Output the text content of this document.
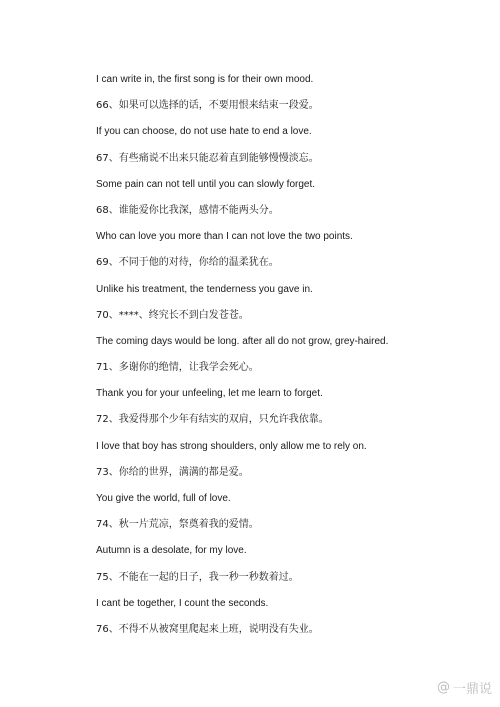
I can write in, the first song is for their own mood.
66、如果可以选择的话，不要用恨来结束一段爱。
If you can choose, do not use hate to end a love.
67、有些痛说不出来只能忍着直到能够慢慢淡忘。
Some pain can not tell until you can slowly forget.
68、谁能爱你比我深，感情不能两头分。
Who can love you more than I can not love the two points.
69、不同于他的对待，你给的温柔犹在。
Unlike his treatment, the tenderness you gave in.
70、****、终究长不到白发苍苍。
The coming days would be long. after all do not grow, grey-haired.
71、多谢你的绝情，让我学会死心。
Thank you for your unfeeling, let me learn to forget.
72、我爱得那个少年有结实的双肩，只允许我依靠。
I love that boy has strong shoulders, only allow me to rely on.
73、你给的世界，满满的都是爱。
You give the world, full of love.
74、秋一片荒凉，祭奠着我的爱情。
Autumn is a desolate, for my love.
75、不能在一起的日子，我一秒一秒数着过。
I cant be together, I count the seconds.
76、不得不从被窝里爬起来上班，说明没有失业。
@ 一鼎说
